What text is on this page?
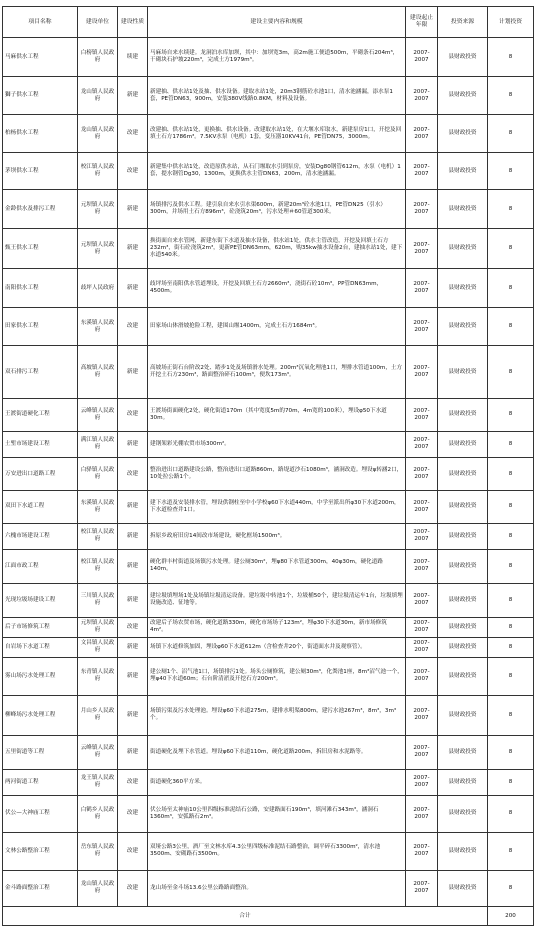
项目名称	建设单位	建设性质	建设主要内容和规模	建设起止年限	投资来源	计划投资
马麻供水工程	白榜镇人民政府	续建	马麻场自来水续建。龙洞泊水库加坝，其中：加坝宽3m，高2m施工便道500m，平砌条石204m³，干砌块石护坡220m³，完成土方1979m³。	2007-2007	县财政投资	8
獅子供水工程	龙山镇人民政府	新建	新建抽、供水站1处及抽、供水设备。建取水站1处，20m3钢筋砼水池1口，清水池涵漏，添水泵1套，PE管DN63，900m，安装380V线路0.8KM，材料及设备。	2007-2007	县财政投资	8
柏杨供水工程	龙山镇人民政府	改建	改建抽、供水站1处，更换抽、供水设备。改建取水站1处，在大堰水库取水，新建泵房1口，开挖及回填土石方1786m³。7.5KV水泵（电机）1套，变压器10KV41台，PE管DN75，3000m。	2007-2007	县财政投资	8
茅坝供水工程	校江镇人民政府	改建	新建集中供水站1处，改造原供水站，从石门堰取水引到泵房，安装Dg80钢管612m，水泵（电机）1套，提水钢管Dg30，1300m，更换供水主管DN63，200m，清水池涵漏。	2007-2007	县财政投资	8
金龄供水及排污工程	元坝镇人民政府	新建	场镇排污及供水工程。建引泉自来水引水渠600m，新建20m³砼水池1口，PE管DN25（引水）300m，并场用土石方896m³，砼浇筑20m³，污水处理＃60管道300米。	2007-2007	县财政投资	8
甄王供水工程	元坝镇人民政府	新建	换街面自来水管网，新建东街下水道及抽水设备，供水站1处，供水主管改造，开挖及回填土石方232m³，街石砼浇筑2m³，更新PE管DN63mm，620m，购35kw抽水设备2台，建抽水站1处，建下水道540米。	2007-2007	县财政投资	8
南阳供水工程	歧坪人民政府	新建	歧坪场至南阳供水管道埋设，开挖及回填土石方2660m³，浇街石砼10m³，PP管DN63mm，4500m。	2007-2007	县财政投资	8
田家供水工程	东溪镇人民政府	改建	田家场山体滑坡抢险工程，建围山堰1400m，完成土石方1684m³。	2007-2007	县财政投资	8
双石排污工程	高坡镇人民政府	新建	高坡场正街石台阶改2处、踏步1处及场镇滑水处理。200m³沉氧化理池1口，埋排水管道100m，土方开挖土石方230m³，路面整治碎石100m³，便坎173m³。	2007-2007	县财政投资	8
王渡街道硬化工程	云峰镇人民政府	改建	王渡场街面硬化2处，硬化街道170m（其中宽度5m的70m，4m宽的100米），埋设φ50下水道30m。	2007-2007	县财政投资	8
土堑市场建设工程	满江镇人民政府	新建	建钢架彩光棚农贸市场300m²。	2007-2007	县财政投资	8
万安进出口道路工程	白驿镇人民政府	改建	整治进出口道路建设公路，整治进出口道路860m，路堤道沙石1080m³，涵洞改造。埋设φ转涵2口，10处拉公路1个。	2007-2007	县财政投资	8
双田下水道工程	东溪镇人民政府	新建	建下水道及安装排水管，埋设供钢柱至中小学校φ60下水道440m，中学至派出所φ30下水道200m，下水道检查井1口。	2007-2007	县财政投资	8
六槐市场建设工程	校江镇人民政府	新建	拆原乡政府旧房14间改市场建设，硬化框场1500m³。	2007-2007	县财政投资	8
江面市政工程	校江镇人民政府	新建	硬化群丰村街道及场镇污水处理。建公厕30m²，埋φ80下水管道300m，40φ30m，硬化道路140m。	2007-2007	县财政投资	8
光现垃圾场建设工程	三川镇人民政府	新建	建垃圾填埋场1处及场镇垃圾清运设备。建垃圾中转池1个，垃圾桶50个，建垃圾清运车1台，垃圾填埋设施改造、征地等。	2007-2007	县财政投资	8
后子市场修筑工程	元坝镇人民政府	改建	改建后子场农贸市场，硬化道路330m，硬化市场场子123m²，埋φ30下水道30m，新市场修筑4m²。	2007-2007	县财政投资	8
自岩场下水道工程	文昌镇人民政府	新建	场镇下水道修筑加固，埋设φ60下水道612m（含检查井20个，街道面水井及观察管）。	2007-2007	县财政投资	8
雾山场污水处理工程	东青镇人民政府	新建	建公厕1个、沼气池1口，场镇排污1处。场头公厕修筑，建公厕30m³，化粪池1座，8m³沼气池一个，埋φ40下水道60m；石台阶清淤及开挖石方200m³。	2007-2007	县财政投资	8
柳峰场污水处理工程	月山乡人民政府	新建	场镇污渠及污水处理池。埋设φ60下水道275m，建排水明渠800m，建污水池267m³，8m³，3m³个。	2007-2007	县财政投资	8
五里街道等工程	云峰镇人民政府	新建	街道硬化及埋下水管道。埋设φ60下水道110m，硬化道路200m，拆旧房和水泥路等。	2007-2007	县财政投资	8
两河街道工程	龙王镇人民政府	改建	街道硬化360平方米。	2007-2007	县财政投资	8
伏公—大神庙工程	白鹤乡人民政府	改建	伏公场至太神庙10公里四级标准泥结石公路，安建路面石190m³，填河滩石343m³，涵洞石1360m³，安弧路石2m³。	2007-2007	县财政投资	8
文林公路整治工程	岳东镇人民政府	改建	双垭公路3公里，酒厂至文林水库4.3公里四级标准泥结石路整治，调平碎石3300m²，清水池3500m、安砌路石3500m。	2007-2007	县财政投资	8
金斗路面整治工程	龙山镇人民政府	改建	龙山场至金斗场13.6公里公路路面整治。	2007-2007	县财政投资	8
合计						200
